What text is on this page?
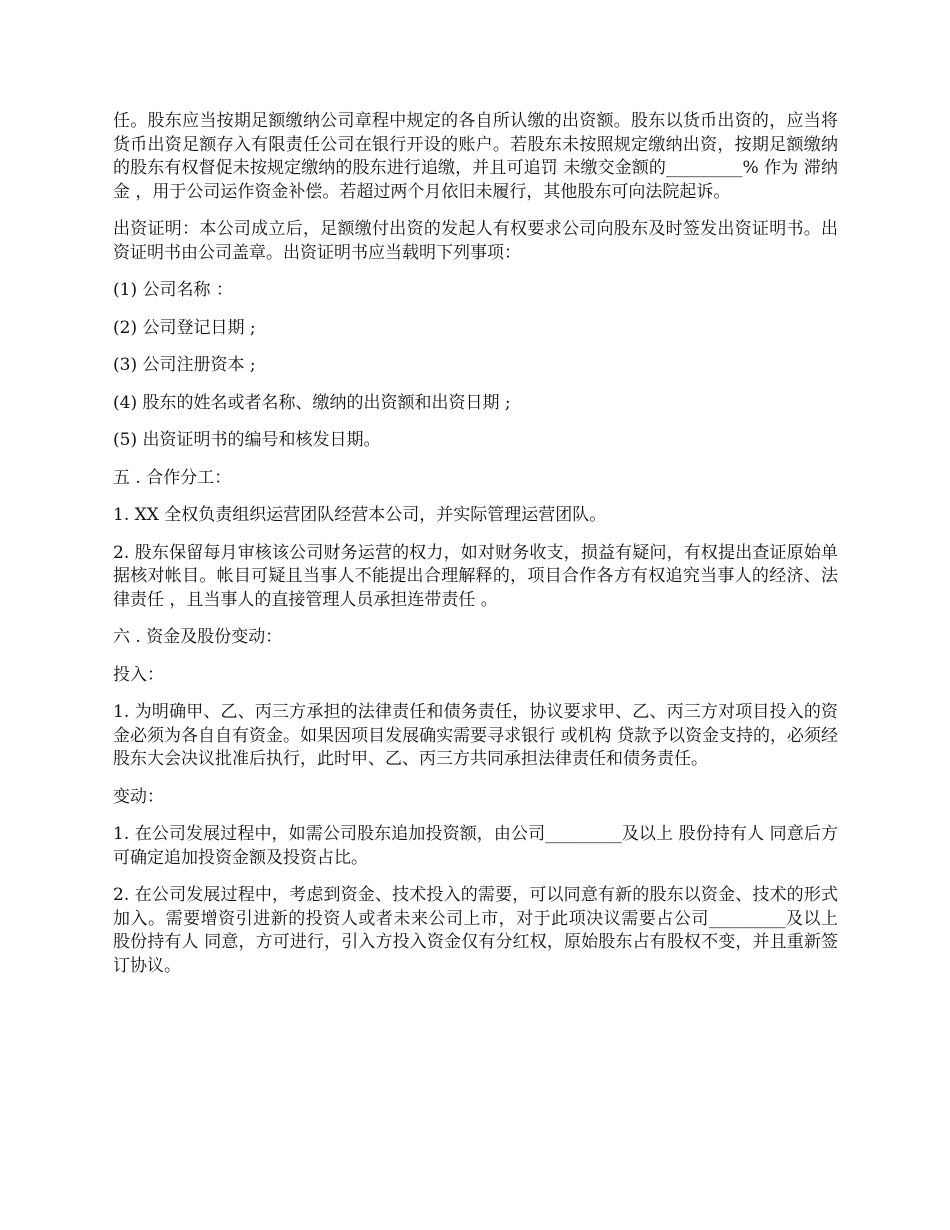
任。股东应当按期足额缴纳公司章程中规定的各自所认缴的出资额。股东以货币出资的，应当将货币出资足额存入有限责任公司在银行开设的账户。若股东未按照规定缴纳出资，按期足额缴纳的股东有权督促未按规定缴纳的股东进行追缴，并且可追罚 未缴交金额的_________% 作为 滞纳金 ，用于公司运作资金补偿。若超过两个月依旧未履行，其他股东可向法院起诉。

出资证明：本公司成立后，足额缴付出资的发起人有权要求公司向股东及时签发出资证明书。出资证明书由公司盖章。出资证明书应当载明下列事项：

(1) 公司名称 ：

(2) 公司登记日期 ;

(3) 公司注册资本 ;

(4) 股东的姓名或者名称、缴纳的出资额和出资日期 ;

(5) 出资证明书的编号和核发日期。

五 . 合作分工：

1. XX 全权负责组织运营团队经营本公司，并实际管理运营团队。

2. 股东保留每月审核该公司财务运营的权力，如对财务收支，损益有疑问，有权提出查证原始单据核对帐目。帐目可疑且当事人不能提出合理解释的，项目合作各方有权追究当事人的经济、法律责任 ，且当事人的直接管理人员承担连带责任 。

六 . 资金及股份变动：

投入：

1. 为明确甲、乙、丙三方承担的法律责任和债务责任，协议要求甲、乙、丙三方对项目投入的资金必须为各自自有资金。如果因项目发展确实需要寻求银行 或机构 贷款予以资金支持的，必须经股东大会决议批准后执行，此时甲、乙、丙三方共同承担法律责任和债务责任。

变动：

1. 在公司发展过程中，如需公司股东追加投资额，由公司_________及以上 股份持有人 同意后方可确定追加投资金额及投资占比。

2. 在公司发展过程中，考虑到资金、技术投入的需要，可以同意有新的股东以资金、技术的形式加入。需要增资引进新的投资人或者未来公司上市，对于此项决议需要占公司_________及以上 股份持有人 同意，方可进行，引入方投入资金仅有分红权，原始股东占有股权不变，并且重新签订协议。
